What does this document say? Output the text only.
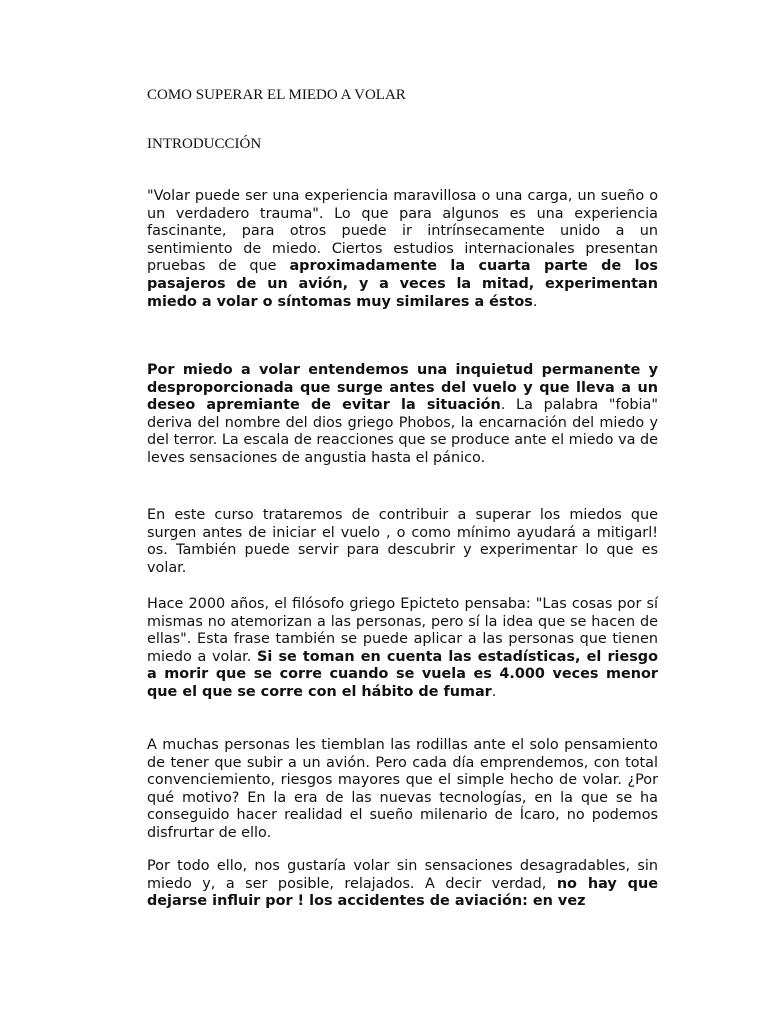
COMO SUPERAR EL MIEDO A VOLAR
INTRODUCCIÓN

"Volar puede ser una experiencia maravillosa o una carga, un sueño o un verdadero trauma". Lo que para algunos es una experiencia fascinante, para otros puede ir intrínsecamente unido a un sentimiento de miedo. Ciertos estudios internacionales presentan pruebas de que aproximadamente la cuarta parte de los pasajeros de un avión, y a veces la mitad, experimentan miedo a volar o síntomas muy similares a éstos.

Por miedo a volar entendemos una inquietud permanente y desproporcionada que surge antes del vuelo y que lleva a un deseo apremiante de evitar la situación. La palabra "fobia" deriva del nombre del dios griego Phobos, la encarnación del miedo y del terror. La escala de reacciones que se produce ante el miedo va de leves sensaciones de angustia hasta el pánico.

En este curso trataremos de contribuir a superar los miedos que surgen antes de iniciar el vuelo , o como mínimo ayudará a mitigarl! os. También puede servir para descubrir y experimentar lo que es volar.

Hace 2000 años, el filósofo griego Epicteto pensaba: "Las cosas por sí mismas no atemorizan a las personas, pero sí la idea que se hacen de ellas". Esta frase también se puede aplicar a las personas que tienen miedo a volar. Si se toman en cuenta las estadísticas, el riesgo a morir que se corre cuando se vuela es 4.000 veces menor que el que se corre con el hábito de fumar.

A muchas personas les tiemblan las rodillas ante el solo pensamiento de tener que subir a un avión. Pero cada día emprendemos, con total convenciemiento, riesgos mayores que el simple hecho de volar. ¿Por qué motivo? En la era de las nuevas tecnologías, en la que se ha conseguido hacer realidad el sueño milenario de Ícaro, no podemos disfrurtar de ello.

Por todo ello, nos gustaría volar sin sensaciones desagradables, sin miedo y, a ser posible, relajados. A decir verdad, no hay que dejarse influir por ! los accidentes de aviación: en vez
